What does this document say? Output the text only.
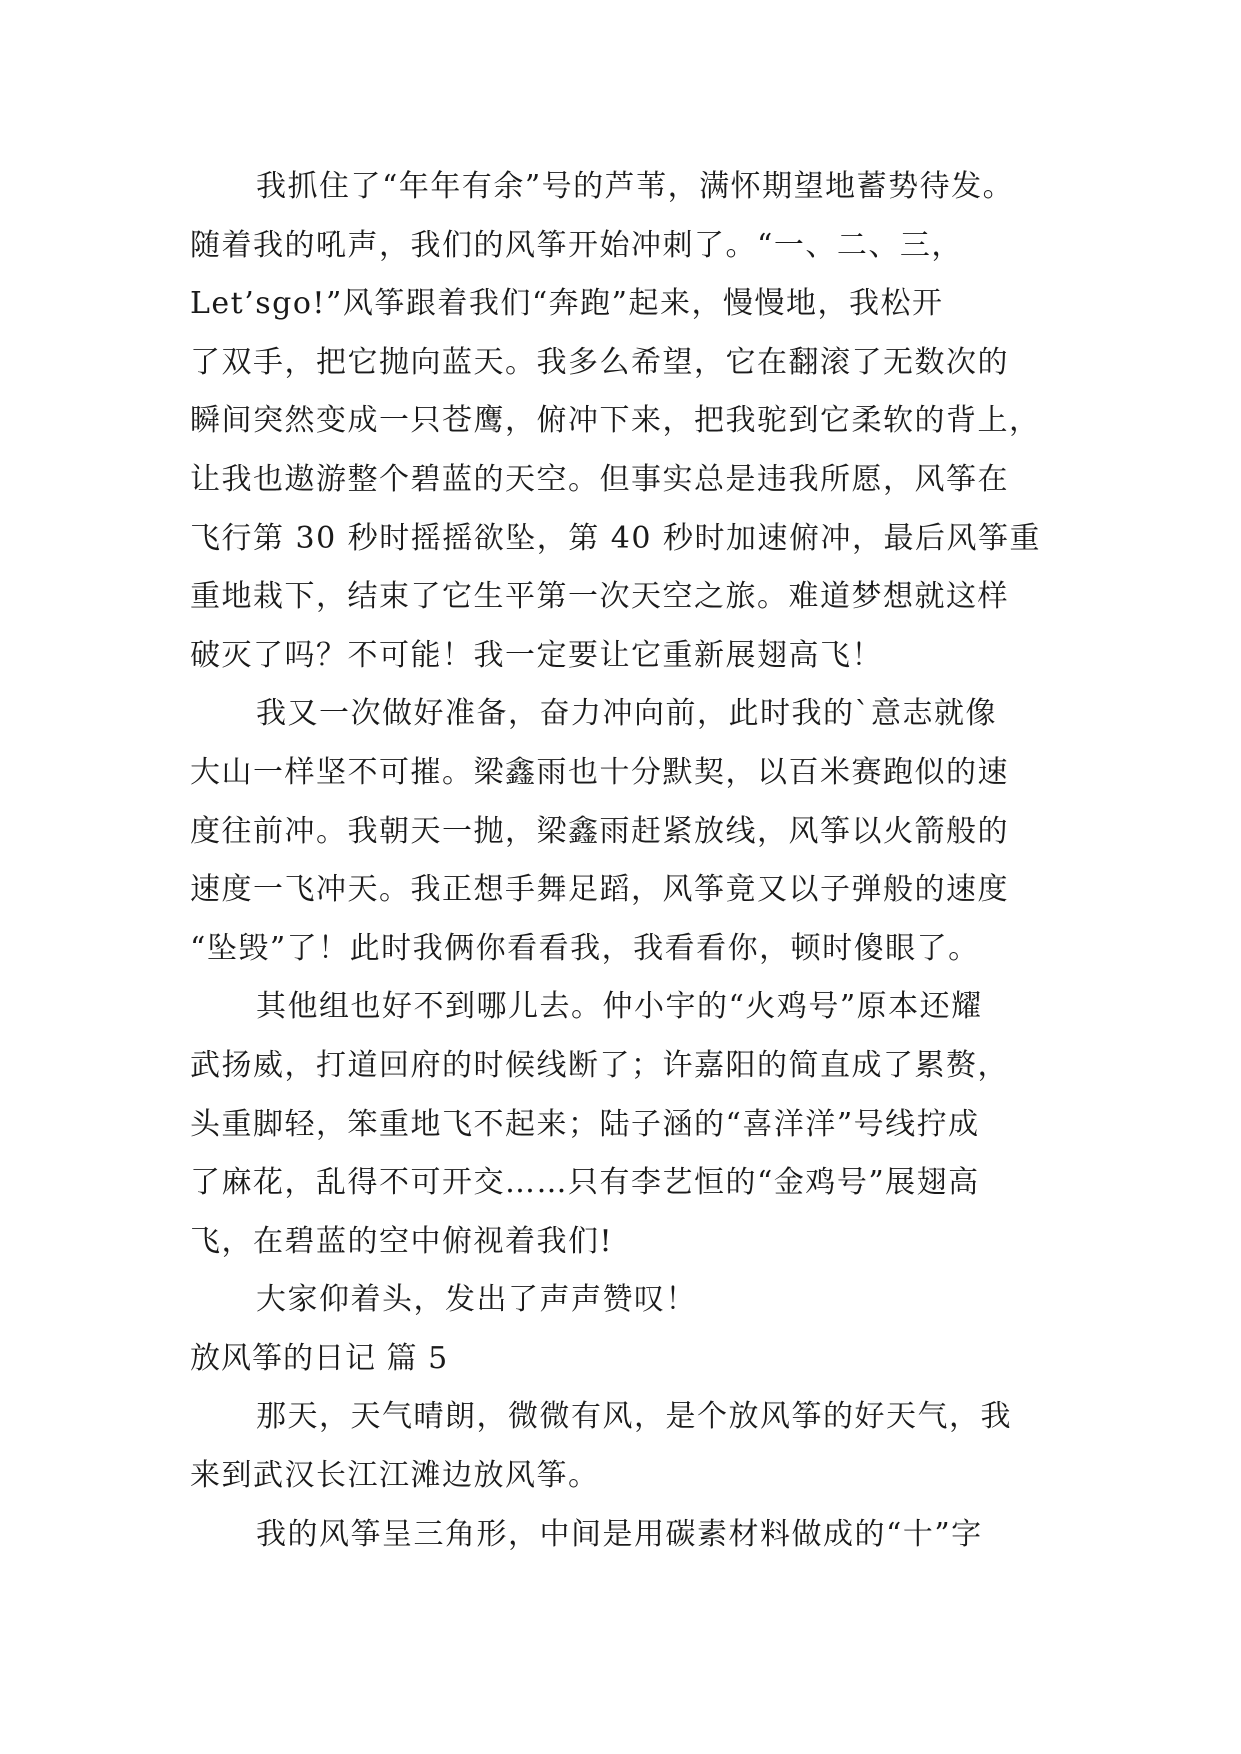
我抓住了“年年有余”号的芦苇，满怀期望地蓄势待发。
随着我的吼声，我们的风筝开始冲刺了。“一、二、三，
Let’sgo!”风筝跟着我们“奔跑”起来，慢慢地，我松开
了双手，把它抛向蓝天。我多么希望，它在翻滚了无数次的
瞬间突然变成一只苍鹰，俯冲下来，把我驼到它柔软的背上，
让我也遨游整个碧蓝的天空。但事实总是违我所愿，风筝在
飞行第 30 秒时摇摇欲坠，第 40 秒时加速俯冲，最后风筝重
重地栽下，结束了它生平第一次天空之旅。难道梦想就这样
破灭了吗？不可能！我一定要让它重新展翅高飞！
我又一次做好准备，奋力冲向前，此时我的`意志就像
大山一样坚不可摧。梁鑫雨也十分默契，以百米赛跑似的速
度往前冲。我朝天一抛，梁鑫雨赶紧放线，风筝以火箭般的
速度一飞冲天。我正想手舞足蹈，风筝竟又以子弹般的速度
“坠毁”了！此时我俩你看看我，我看看你，顿时傻眼了。
其他组也好不到哪儿去。仲小宇的“火鸡号”原本还耀
武扬威，打道回府的时候线断了；许嘉阳的简直成了累赘，
头重脚轻，笨重地飞不起来；陆子涵的“喜洋洋”号线拧成
了麻花，乱得不可开交……只有李艺恒的“金鸡号”展翅高
飞，在碧蓝的空中俯视着我们!
大家仰着头，发出了声声赞叹！
放风筝的日记 篇 5
那天，天气晴朗，微微有风，是个放风筝的好天气，我
来到武汉长江江滩边放风筝。
我的风筝呈三角形，中间是用碳素材料做成的“十”字
